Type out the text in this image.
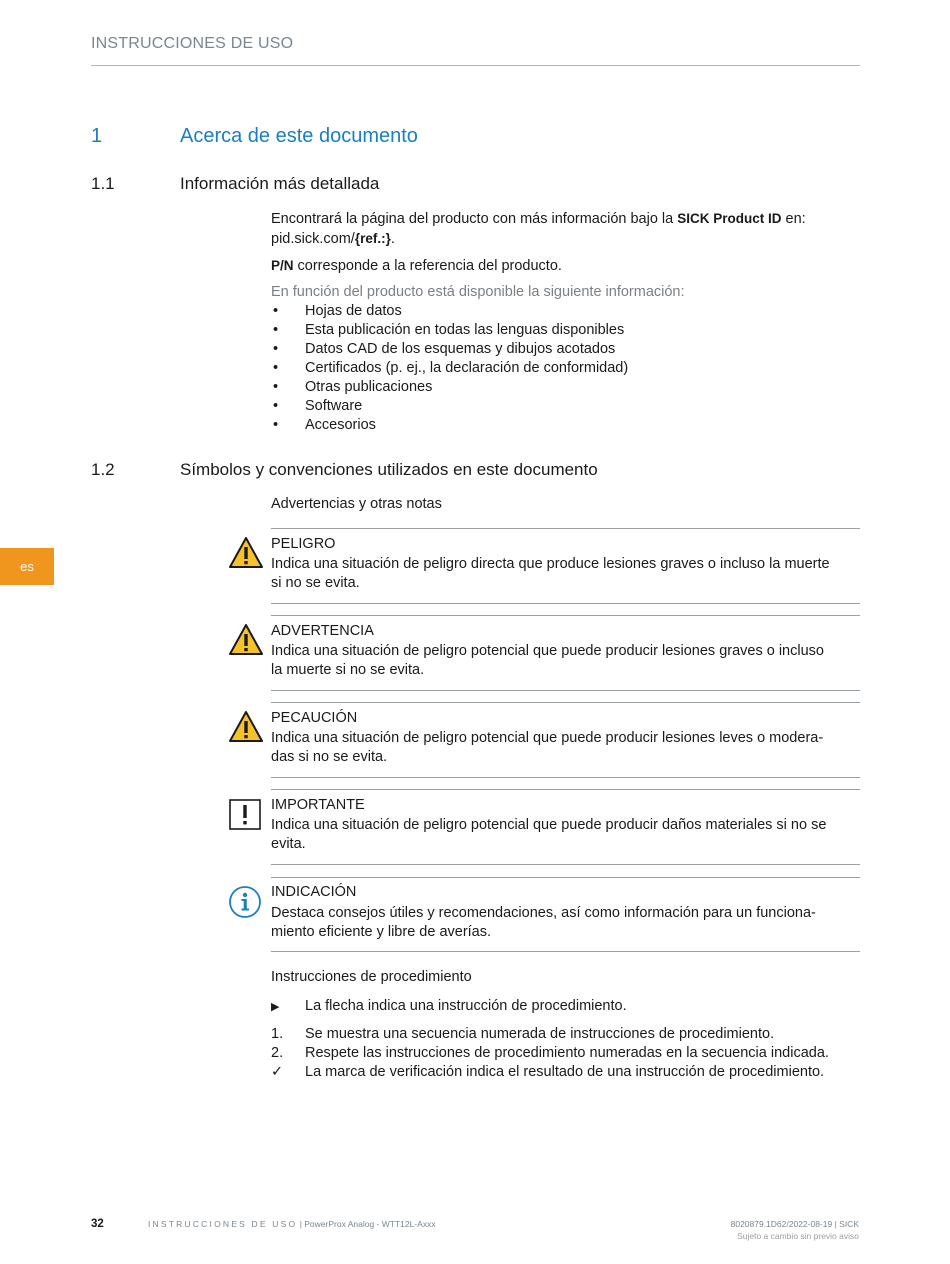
INSTRUCCIONES DE USO
1	Acerca de este documento
1.1	Información más detallada
Encontrará la página del producto con más información bajo la SICK Product ID en:
pid.sick.com/{ref.:}.
P/N corresponde a la referencia del producto.
En función del producto está disponible la siguiente información:
• Hojas de datos
• Esta publicación en todas las lenguas disponibles
• Datos CAD de los esquemas y dibujos acotados
• Certificados (p. ej., la declaración de conformidad)
• Otras publicaciones
• Software
• Accesorios
1.2	Símbolos y convenciones utilizados en este documento
Advertencias y otras notas
PELIGRO
Indica una situación de peligro directa que produce lesiones graves o incluso la muerte
si no se evita.
ADVERTENCIA
Indica una situación de peligro potencial que puede producir lesiones graves o incluso
la muerte si no se evita.
PECAUCIÓN
Indica una situación de peligro potencial que puede producir lesiones leves o modera-
das si no se evita.
IMPORTANTE
Indica una situación de peligro potencial que puede producir daños materiales si no se
evita.
INDICACIÓN
Destaca consejos útiles y recomendaciones, así como información para un funciona-
miento eficiente y libre de averías.
Instrucciones de procedimiento
▶ La flecha indica una instrucción de procedimiento.
1. Se muestra una secuencia numerada de instrucciones de procedimiento.
2. Respete las instrucciones de procedimiento numeradas en la secuencia indicada.
✓ La marca de verificación indica el resultado de una instrucción de procedimiento.
es
32	INSTRUCCIONES DE USO | PowerProx Analog - WTT12L-Axxx	8020879.1D62/2022-08-19 | SICK
Sujeto a cambio sin previo aviso
